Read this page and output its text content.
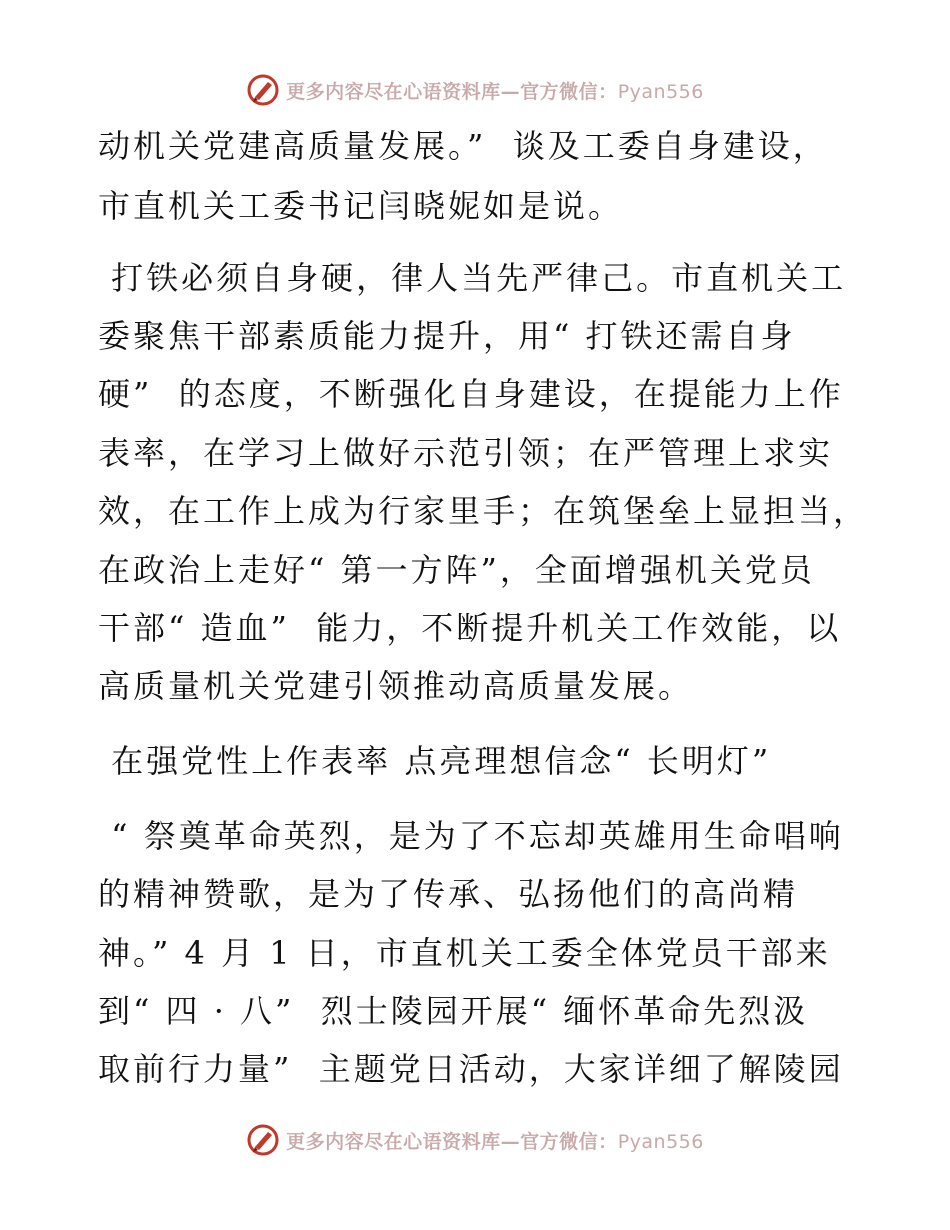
更多内容尽在心语资料库—官方微信：Pyan556
动机关党建高质量发展。”  谈及工委自身建设，
市直机关工委书记闫晓妮如是说。
打铁必须自身硬，律人当先严律己。市直机关工
委聚焦干部素质能力提升，用“ 打铁还需自身
硬”  的态度，不断强化自身建设，在提能力上作
表率，在学习上做好示范引领；在严管理上求实
效，在工作上成为行家里手；在筑堡垒上显担当，
在政治上走好“ 第一方阵”，全面增强机关党员
干部“ 造血”  能力，不断提升机关工作效能，以
高质量机关党建引领推动高质量发展。
在强党性上作表率 点亮理想信念“ 长明灯”
“ 祭奠革命英烈，是为了不忘却英雄用生命唱响
的精神赞歌，是为了传承、弘扬他们的高尚精
神。” 4 月 1 日，市直机关工委全体党员干部来
到“ 四 · 八”  烈士陵园开展“ 缅怀革命先烈汲
取前行力量”  主题党日活动，大家详细了解陵园
更多内容尽在心语资料库—官方微信：Pyan556
